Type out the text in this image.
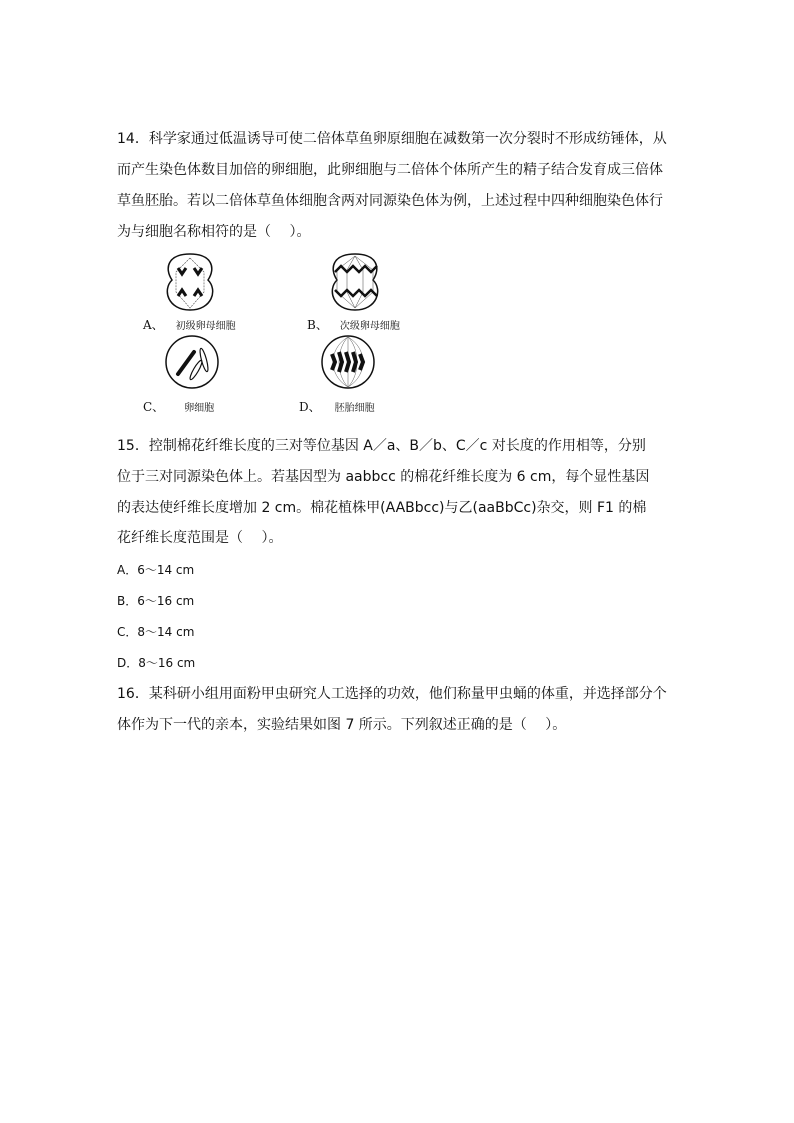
14．科学家通过低温诱导可使二倍体草鱼卵原细胞在减数第一次分裂时不形成纺锤体，从
而产生染色体数目加倍的卵细胞，此卵细胞与二倍体个体所产生的精子结合发育成三倍体
草鱼胚胎。若以二倍体草鱼体细胞含两对同源染色体为例，上述过程中四种细胞染色体行
为与细胞名称相符的是（　 ）。
A、 初级卵母细胞	B、 次级卵母细胞
C、 卵细胞	D、 胚胎细胞
15．控制棉花纤维长度的三对等位基因 A／a、B／b、C／c 对长度的作用相等，分别
位于三对同源染色体上。若基因型为 aabbcc 的棉花纤维长度为 6 cm，每个显性基因
的表达使纤维长度增加 2 cm。棉花植株甲(AABbcc)与乙(aaBbCc)杂交，则 F1 的棉
花纤维长度范围是（　 ）。
A．6～14 cm
B．6～16 cm
C．8～14 cm
D．8～16 cm
16．某科研小组用面粉甲虫研究人工选择的功效，他们称量甲虫蛹的体重，并选择部分个
体作为下一代的亲本，实验结果如图 7 所示。下列叙述正确的是（　 ）。
